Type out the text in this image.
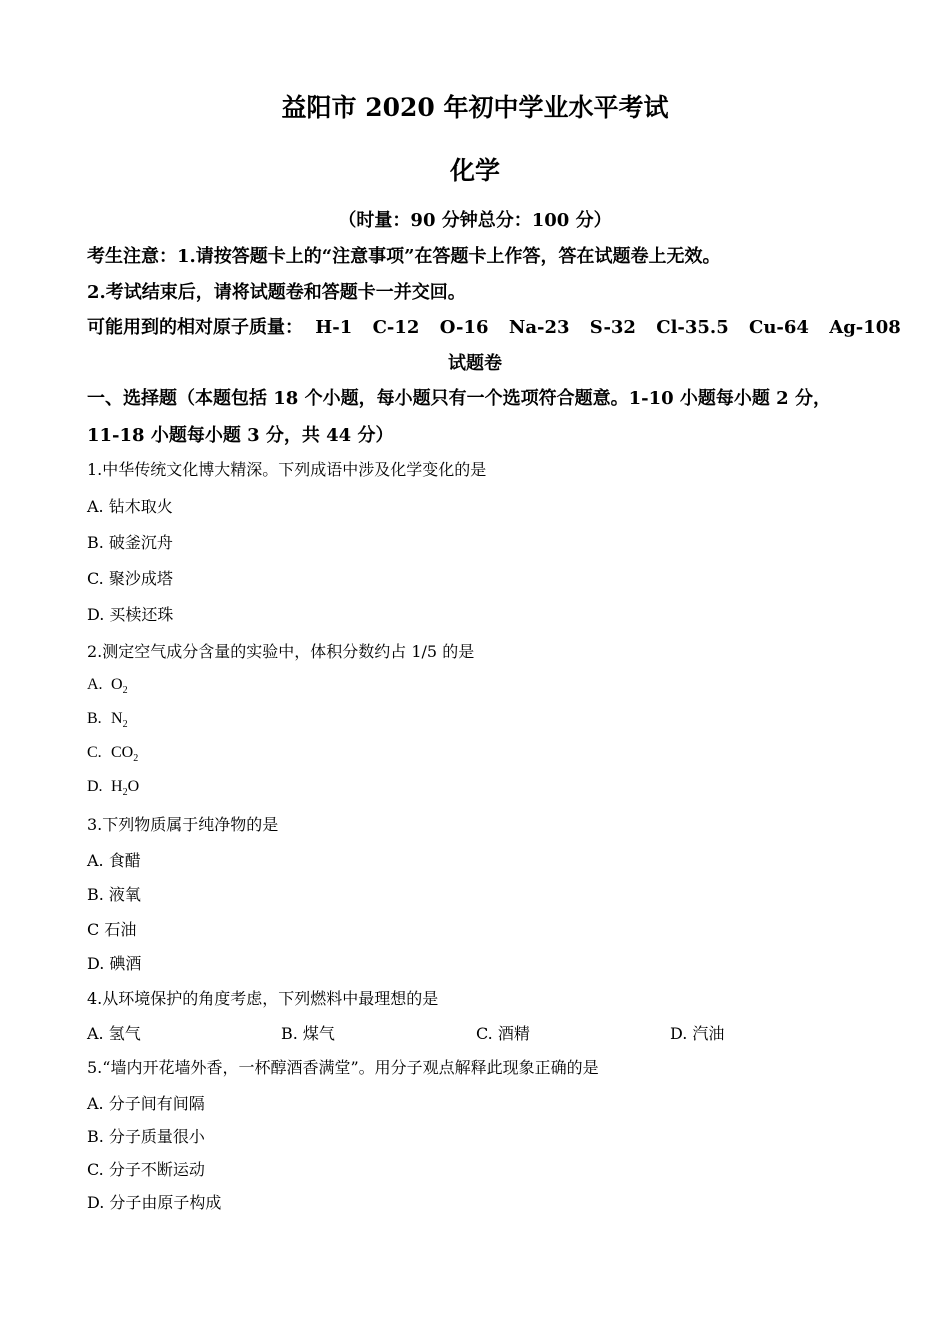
益阳市 2020 年初中学业水平考试
化学
（时量：90 分钟总分：100 分）
考生注意：1.请按答题卡上的“注意事项”在答题卡上作答，答在试题卷上无效。
2.考试结束后，请将试题卷和答题卡一并交回。
可能用到的相对原子质量： H-1 C-12 O-16 Na-23 S-32 Cl-35.5 Cu-64 Ag-108
试题卷
一、选择题（本题包括 18 个小题，每小题只有一个选项符合题意。1-10 小题每小题 2 分，
11-18 小题每小题 3 分，共 44 分）
1.中华传统文化博大精深。下列成语中涉及化学变化的是
A. 钻木取火
B. 破釜沉舟
C. 聚沙成塔
D. 买椟还珠
2.测定空气成分含量的实验中，体积分数约占 1/5 的是
A. $O_2$
B. $N_2$
C. $CO_2$
D. $H_2O$
3.下列物质属于纯净物的是
A. 食醋
B. 液氧
C 石油
D. 碘酒
4.从环境保护的角度考虑，下列燃料中最理想的是
A. 氢气	B. 煤气	C. 酒精	D. 汽油
5.“墙内开花墙外香，一杯醇酒香满堂”。用分子观点解释此现象正确的是
A. 分子间有间隔
B. 分子质量很小
C. 分子不断运动
D. 分子由原子构成
